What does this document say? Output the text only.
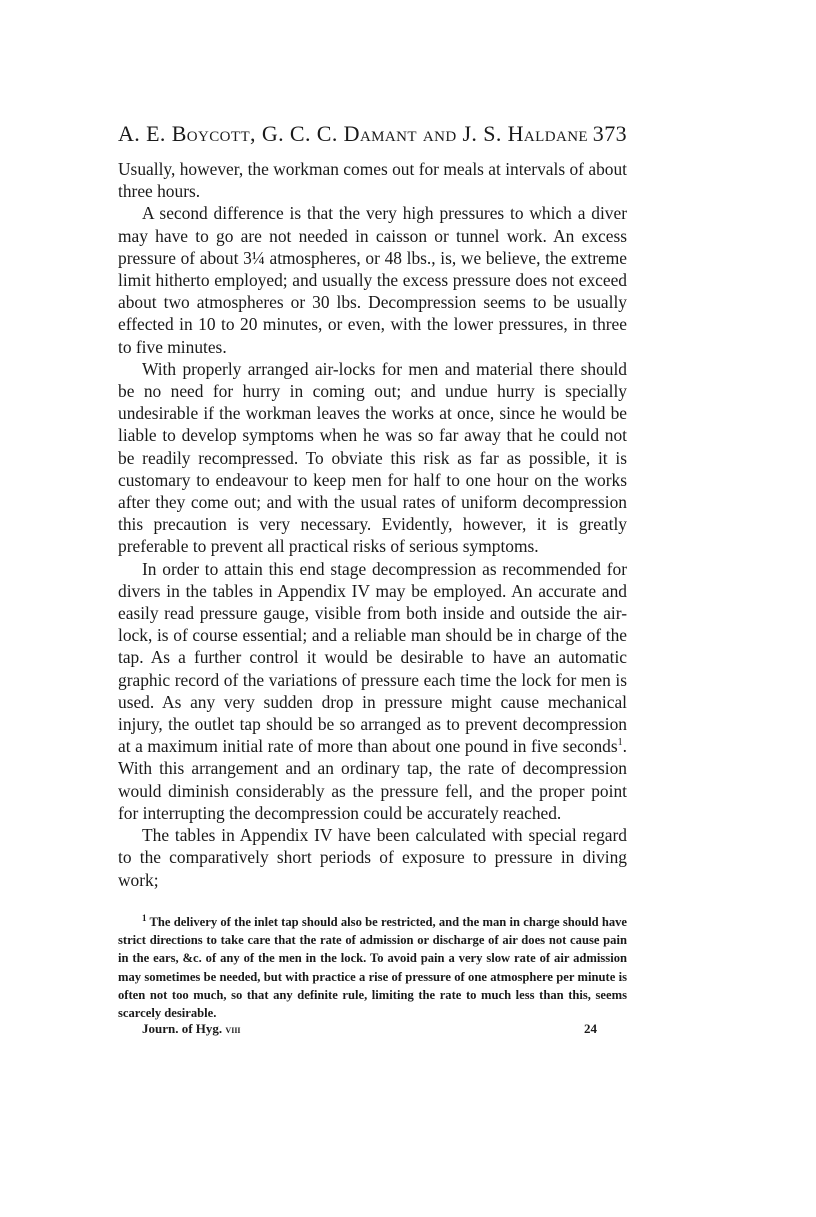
A. E. Boycott, G. C. C. Damant and J. S. Haldane 373

Usually, however, the workman comes out for meals at intervals of about three hours.

A second difference is that the very high pressures to which a diver may have to go are not needed in caisson or tunnel work. An excess pressure of about 3¼ atmospheres, or 48 lbs., is, we believe, the extreme limit hitherto employed; and usually the excess pressure does not exceed about two atmospheres or 30 lbs. Decompression seems to be usually effected in 10 to 20 minutes, or even, with the lower pressures, in three to five minutes.

With properly arranged air-locks for men and material there should be no need for hurry in coming out; and undue hurry is specially undesirable if the workman leaves the works at once, since he would be liable to develop symptoms when he was so far away that he could not be readily recompressed. To obviate this risk as far as possible, it is customary to endeavour to keep men for half to one hour on the works after they come out; and with the usual rates of uniform decompression this precaution is very necessary. Evidently, however, it is greatly preferable to prevent all practical risks of serious symptoms.

In order to attain this end stage decompression as recommended for divers in the tables in Appendix IV may be employed. An accurate and easily read pressure gauge, visible from both inside and outside the air-lock, is of course essential; and a reliable man should be in charge of the tap. As a further control it would be desirable to have an automatic graphic record of the variations of pressure each time the lock for men is used. As any very sudden drop in pressure might cause mechanical injury, the outlet tap should be so arranged as to prevent decompression at a maximum initial rate of more than about one pound in five seconds$^1$. With this arrangement and an ordinary tap, the rate of decompression would diminish considerably as the pressure fell, and the proper point for interrupting the decompression could be accurately reached.

The tables in Appendix IV have been calculated with special regard to the comparatively short periods of exposure to pressure in diving work;

$^1$ The delivery of the inlet tap should also be restricted, and the man in charge should have strict directions to take care that the rate of admission or discharge of air does not cause pain in the ears, &c. of any of the men in the lock. To avoid pain a very slow rate of air admission may sometimes be needed, but with practice a rise of pressure of one atmosphere per minute is often not too much, so that any definite rule, limiting the rate to much less than this, seems scarcely desirable.

Journ. of Hyg. viii	24
